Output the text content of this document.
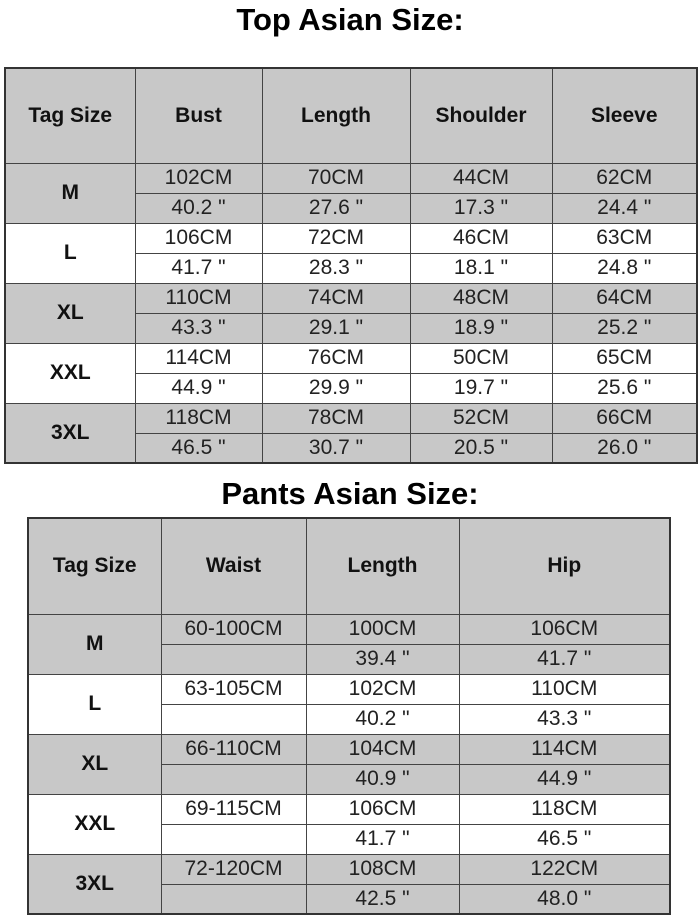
Top Asian Size:
Tag Size	Bust	Length	Shoulder	Sleeve
M	102CM	70CM	44CM	62CM
	40.2 "	27.6 "	17.3 "	24.4 "
L	106CM	72CM	46CM	63CM
	41.7 "	28.3 "	18.1 "	24.8 "
XL	110CM	74CM	48CM	64CM
	43.3 "	29.1 "	18.9 "	25.2 "
XXL	114CM	76CM	50CM	65CM
	44.9 "	29.9 "	19.7 "	25.6 "
3XL	118CM	78CM	52CM	66CM
	46.5 "	30.7 "	20.5 "	26.0 "
Pants Asian Size:
Tag Size	Waist	Length	Hip
M	60-100CM	100CM	106CM
		39.4 "	41.7 "
L	63-105CM	102CM	110CM
		40.2 "	43.3 "
XL	66-110CM	104CM	114CM
		40.9 "	44.9 "
XXL	69-115CM	106CM	118CM
		41.7 "	46.5 "
3XL	72-120CM	108CM	122CM
		42.5 "	48.0 "
